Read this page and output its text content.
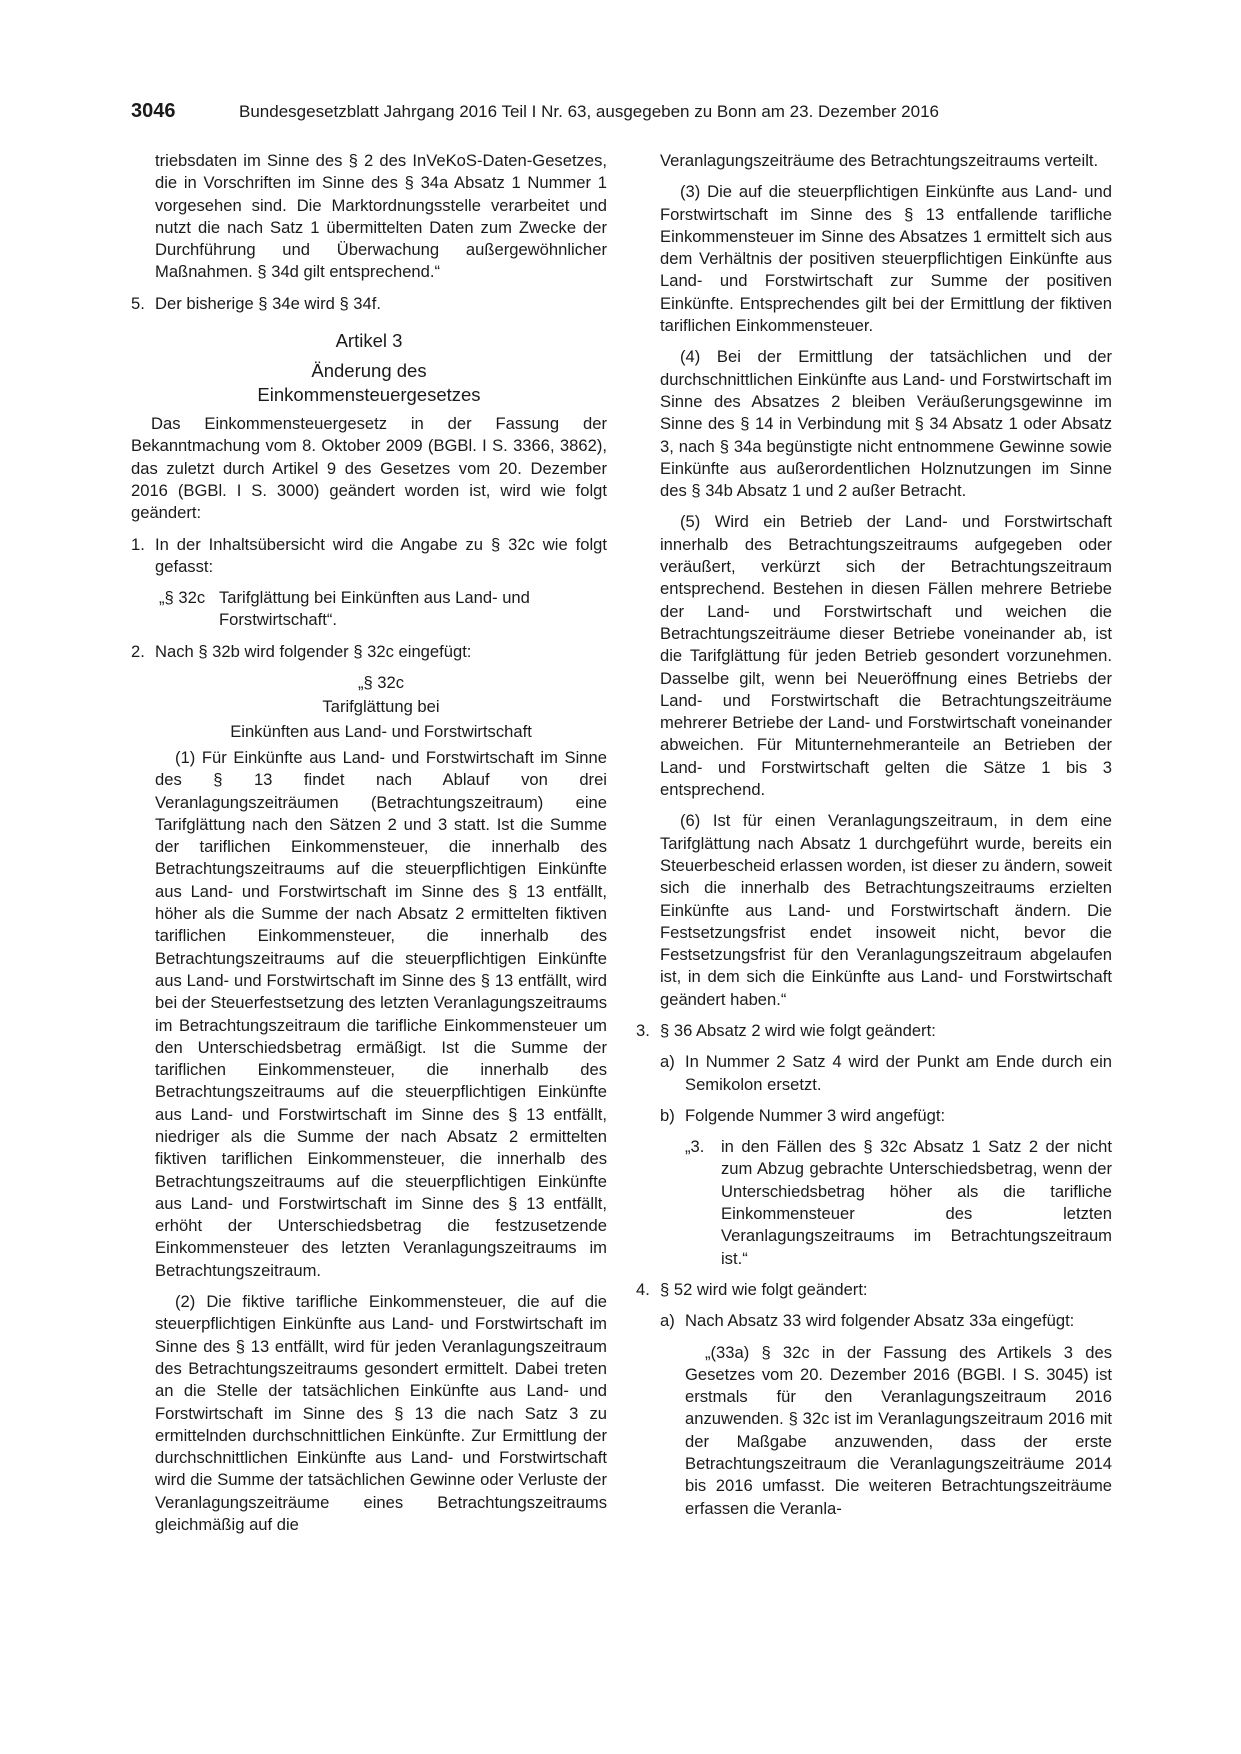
3046	Bundesgesetzblatt Jahrgang 2016 Teil I Nr. 63, ausgegeben zu Bonn am 23. Dezember 2016

triebsdaten im Sinne des § 2 des InVeKoS-Daten-Gesetzes, die in Vorschriften im Sinne des § 34a Absatz 1 Nummer 1 vorgesehen sind. Die Marktordnungsstelle verarbeitet und nutzt die nach Satz 1 übermittelten Daten zum Zwecke der Durchführung und Überwachung außergewöhnlicher Maßnahmen. § 34d gilt entsprechend.“

5. Der bisherige § 34e wird § 34f.
Artikel 3
Änderung des
Einkommensteuergesetzes

Das Einkommensteuergesetz in der Fassung der Bekanntmachung vom 8. Oktober 2009 (BGBl. I S. 3366, 3862), das zuletzt durch Artikel 9 des Gesetzes vom 20. Dezember 2016 (BGBl. I S. 3000) geändert worden ist, wird wie folgt geändert:

1. In der Inhaltsübersicht wird die Angabe zu § 32c wie folgt gefasst:
„§ 32c Tarifglättung bei Einkünften aus Land- und Forstwirtschaft“.
2. Nach § 32b wird folgender § 32c eingefügt:
„§ 32c
Tarifglättung bei
Einkünften aus Land- und Forstwirtschaft

(1) Für Einkünfte aus Land- und Forstwirtschaft im Sinne des § 13 findet nach Ablauf von drei Veranlagungszeiträumen (Betrachtungszeitraum) eine Tarifglättung nach den Sätzen 2 und 3 statt. Ist die Summe der tariflichen Einkommensteuer, die innerhalb des Betrachtungszeitraums auf die steuerpflichtigen Einkünfte aus Land- und Forstwirtschaft im Sinne des § 13 entfällt, höher als die Summe der nach Absatz 2 ermittelten fiktiven tariflichen Einkommensteuer, die innerhalb des Betrachtungszeitraums auf die steuerpflichtigen Einkünfte aus Land- und Forstwirtschaft im Sinne des § 13 entfällt, wird bei der Steuerfestsetzung des letzten Veranlagungszeitraums im Betrachtungszeitraum die tarifliche Einkommensteuer um den Unterschiedsbetrag ermäßigt. Ist die Summe der tariflichen Einkommensteuer, die innerhalb des Betrachtungszeitraums auf die steuerpflichtigen Einkünfte aus Land- und Forstwirtschaft im Sinne des § 13 entfällt, niedriger als die Summe der nach Absatz 2 ermittelten fiktiven tariflichen Einkommensteuer, die innerhalb des Betrachtungszeitraums auf die steuerpflichtigen Einkünfte aus Land- und Forstwirtschaft im Sinne des § 13 entfällt, erhöht der Unterschiedsbetrag die festzusetzende Einkommensteuer des letzten Veranlagungszeitraums im Betrachtungszeitraum.

(2) Die fiktive tarifliche Einkommensteuer, die auf die steuerpflichtigen Einkünfte aus Land- und Forstwirtschaft im Sinne des § 13 entfällt, wird für jeden Veranlagungszeitraum des Betrachtungszeitraums gesondert ermittelt. Dabei treten an die Stelle der tatsächlichen Einkünfte aus Land- und Forstwirtschaft im Sinne des § 13 die nach Satz 3 zu ermittelnden durchschnittlichen Einkünfte. Zur Ermittlung der durchschnittlichen Einkünfte aus Land- und Forstwirtschaft wird die Summe der tatsächlichen Gewinne oder Verluste der Veranlagungszeiträume eines Betrachtungszeitraums gleichmäßig auf die

Veranlagungszeiträume des Betrachtungszeitraums verteilt.

(3) Die auf die steuerpflichtigen Einkünfte aus Land- und Forstwirtschaft im Sinne des § 13 entfallende tarifliche Einkommensteuer im Sinne des Absatzes 1 ermittelt sich aus dem Verhältnis der positiven steuerpflichtigen Einkünfte aus Land- und Forstwirtschaft zur Summe der positiven Einkünfte. Entsprechendes gilt bei der Ermittlung der fiktiven tariflichen Einkommensteuer.

(4) Bei der Ermittlung der tatsächlichen und der durchschnittlichen Einkünfte aus Land- und Forstwirtschaft im Sinne des Absatzes 2 bleiben Veräußerungsgewinne im Sinne des § 14 in Verbindung mit § 34 Absatz 1 oder Absatz 3, nach § 34a begünstigte nicht entnommene Gewinne sowie Einkünfte aus außerordentlichen Holznutzungen im Sinne des § 34b Absatz 1 und 2 außer Betracht.

(5) Wird ein Betrieb der Land- und Forstwirtschaft innerhalb des Betrachtungszeitraums aufgegeben oder veräußert, verkürzt sich der Betrachtungszeitraum entsprechend. Bestehen in diesen Fällen mehrere Betriebe der Land- und Forstwirtschaft und weichen die Betrachtungszeiträume dieser Betriebe voneinander ab, ist die Tarifglättung für jeden Betrieb gesondert vorzunehmen. Dasselbe gilt, wenn bei Neueröffnung eines Betriebs der Land- und Forstwirtschaft die Betrachtungszeiträume mehrerer Betriebe der Land- und Forstwirtschaft voneinander abweichen. Für Mitunternehmeranteile an Betrieben der Land- und Forstwirtschaft gelten die Sätze 1 bis 3 entsprechend.

(6) Ist für einen Veranlagungszeitraum, in dem eine Tarifglättung nach Absatz 1 durchgeführt wurde, bereits ein Steuerbescheid erlassen worden, ist dieser zu ändern, soweit sich die innerhalb des Betrachtungszeitraums erzielten Einkünfte aus Land- und Forstwirtschaft ändern. Die Festsetzungsfrist endet insoweit nicht, bevor die Festsetzungsfrist für den Veranlagungszeitraum abgelaufen ist, in dem sich die Einkünfte aus Land- und Forstwirtschaft geändert haben.“

3. § 36 Absatz 2 wird wie folgt geändert:
a) In Nummer 2 Satz 4 wird der Punkt am Ende durch ein Semikolon ersetzt.
b) Folgende Nummer 3 wird angefügt:
„3. in den Fällen des § 32c Absatz 1 Satz 2 der nicht zum Abzug gebrachte Unterschiedsbetrag, wenn der Unterschiedsbetrag höher als die tarifliche Einkommensteuer des letzten Veranlagungszeitraums im Betrachtungszeitraum ist.“
4. § 52 wird wie folgt geändert:
a) Nach Absatz 33 wird folgender Absatz 33a eingefügt:

„(33a) § 32c in der Fassung des Artikels 3 des Gesetzes vom 20. Dezember 2016 (BGBl. I S. 3045) ist erstmals für den Veranlagungszeitraum 2016 anzuwenden. § 32c ist im Veranlagungszeitraum 2016 mit der Maßgabe anzuwenden, dass der erste Betrachtungszeitraum die Veranlagungszeiträume 2014 bis 2016 umfasst. Die weiteren Betrachtungszeiträume erfassen die Veranla-
